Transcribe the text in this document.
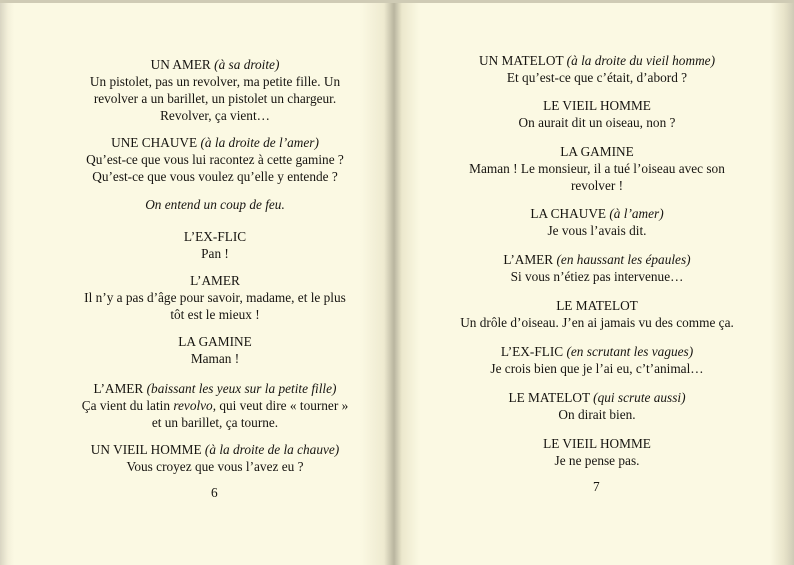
UN AMER (à sa droite)
Un pistolet, pas un revolver, ma petite fille. Un
revolver a un barillet, un pistolet un chargeur.
Revolver, ça vient…
UNE CHAUVE (à la droite de l’amer)
Qu’est-ce que vous lui racontez à cette gamine ?
Qu’est-ce que vous voulez qu’elle y entende ?
On entend un coup de feu.
L’EX-FLIC
Pan !
L’AMER
Il n’y a pas d’âge pour savoir, madame, et le plus
tôt est le mieux !
LA GAMINE
Maman !
L’AMER (baissant les yeux sur la petite fille)
Ça vient du latin revolvo, qui veut dire « tourner »
et un barillet, ça tourne.
UN VIEIL HOMME (à la droite de la chauve)
Vous croyez que vous l’avez eu ?
6
UN MATELOT (à la droite du vieil homme)
Et qu’est-ce que c’était, d’abord ?
LE VIEIL HOMME
On aurait dit un oiseau, non ?
LA GAMINE
Maman ! Le monsieur, il a tué l’oiseau avec son
revolver !
LA CHAUVE (à l’amer)
Je vous l’avais dit.
L’AMER (en haussant les épaules)
Si vous n’étiez pas intervenue…
LE MATELOT
Un drôle d’oiseau. J’en ai jamais vu des comme ça.
L’EX-FLIC (en scrutant les vagues)
Je crois bien que je l’ai eu, c’t’animal…
LE MATELOT (qui scrute aussi)
On dirait bien.
LE VIEIL HOMME
Je ne pense pas.
7
